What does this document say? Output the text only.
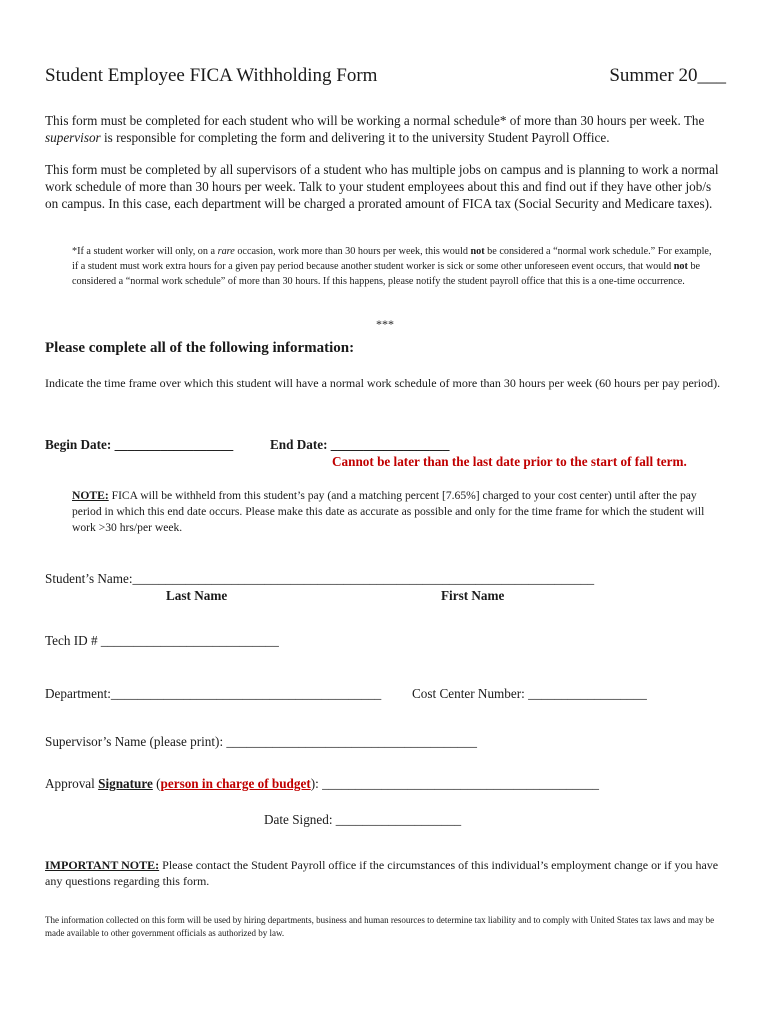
Student Employee FICA Withholding Form	Summer 20___
This form must be completed for each student who will be working a normal schedule* of more than 30 hours per week. The supervisor is responsible for completing the form and delivering it to the university Student Payroll Office.
This form must be completed by all supervisors of a student who has multiple jobs on campus and is planning to work a normal work schedule of more than 30 hours per week. Talk to your student employees about this and find out if they have other job/s on campus. In this case, each department will be charged a prorated amount of FICA tax (Social Security and Medicare taxes).
*If a student worker will only, on a rare occasion, work more than 30 hours per week, this would not be considered a “normal work schedule.” For example, if a student must work extra hours for a given pay period because another student worker is sick or some other unforeseen event occurs, that would not be considered a “normal work schedule” of more than 30 hours. If this happens, please notify the student payroll office that this is a one-time occurrence.
***
Please complete all of the following information:
Indicate the time frame over which this student will have a normal work schedule of more than 30 hours per week (60 hours per pay period).
Begin Date: __________________	End Date: __________________
Cannot be later than the last date prior to the start of fall term.
NOTE: FICA will be withheld from this student’s pay (and a matching percent [7.65%] charged to your cost center) until after the pay period in which this end date occurs. Please make this date as accurate as possible and only for the time frame for which the student will work >30 hrs/per week.
Student’s Name:______________________________________________________________________
Last Name	First Name
Tech ID # ___________________________
Department:_________________________________________ Cost Center Number: __________________
Supervisor’s Name (please print): ______________________________________
Approval Signature (person in charge of budget): __________________________________________
Date Signed: ___________________
IMPORTANT NOTE: Please contact the Student Payroll office if the circumstances of this individual’s employment change or if you have any questions regarding this form.
The information collected on this form will be used by hiring departments, business and human resources to determine tax liability and to comply with United States tax laws and may be made available to other government officials as authorized by law.
